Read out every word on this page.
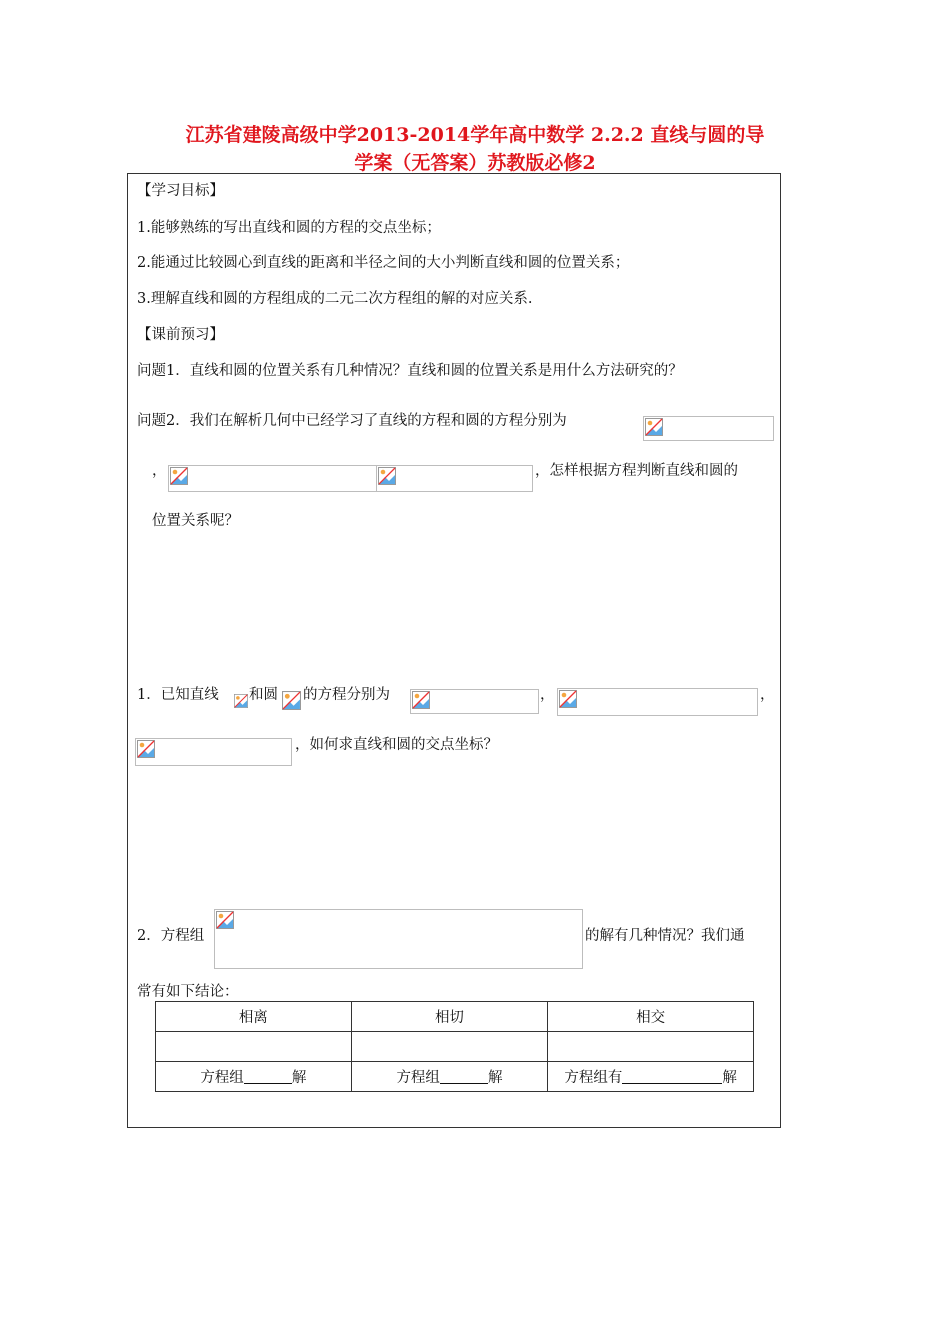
江苏省建陵高级中学2013-2014学年高中数学 2.2.2 直线与圆的导
学案（无答案）苏教版必修2
【学习目标】
1.能够熟练的写出直线和圆的方程的交点坐标；
2.能通过比较圆心到直线的距离和半径之间的大小判断直线和圆的位置关系；
3.理解直线和圆的方程组成的二元二次方程组的解的对应关系.
【课前预习】
问题1．直线和圆的位置关系有几种情况？直线和圆的位置关系是用什么方法研究的？
问题2．我们在解析几何中已经学习了直线的方程和圆的方程分别为
，	，怎样根据方程判断直线和圆的
位置关系呢？
1．已知直线 和圆 的方程分别为	，	，
，如何求直线和圆的交点坐标？
2．方程组	的解有几种情况？我们通
常有如下结论：
相离	相切	相交

方程组 解	方程组 解	方程组有 解
